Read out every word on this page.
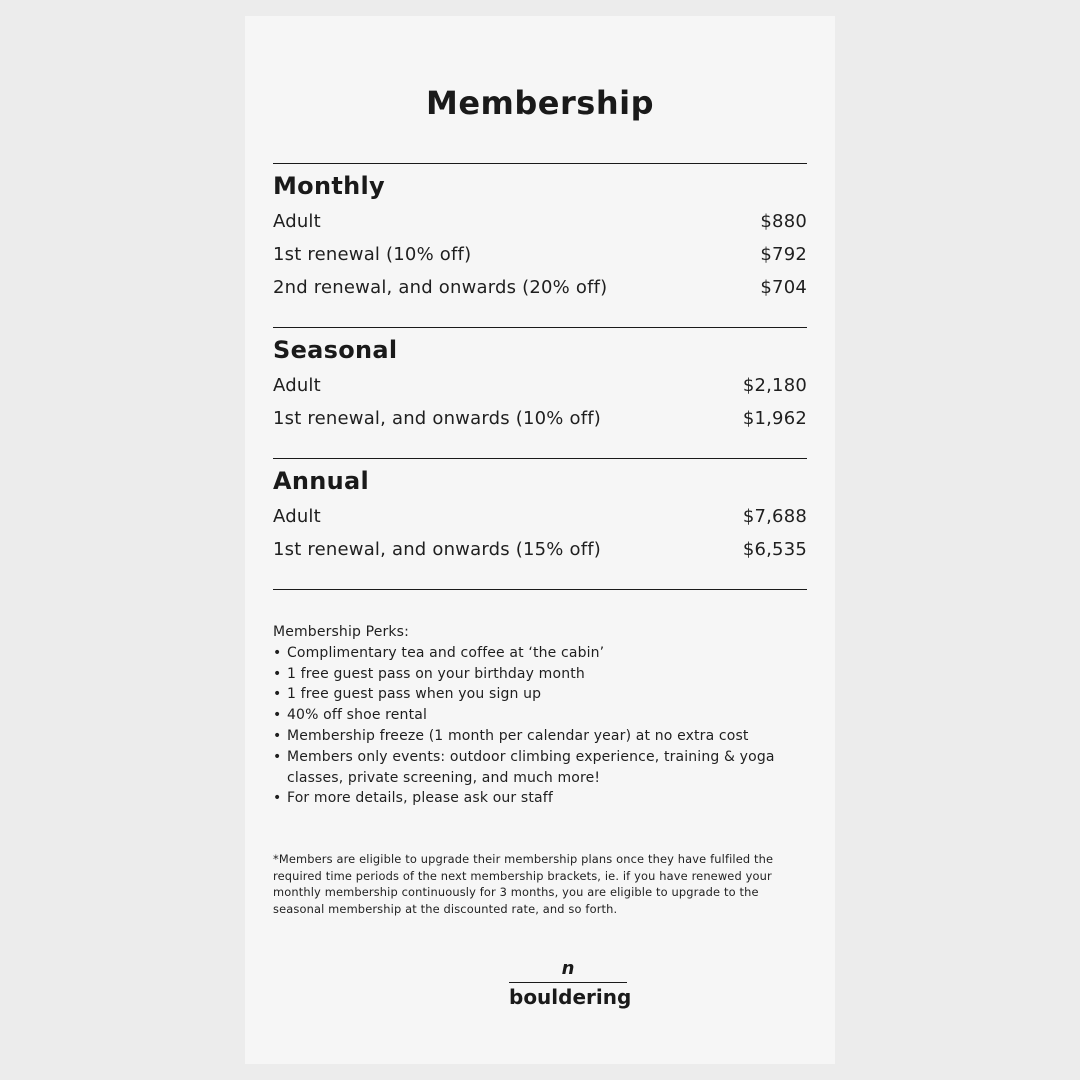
Membership
Monthly
Adult	$880
1st renewal (10% off)	$792
2nd renewal, and onwards (20% off)	$704
Seasonal
Adult	$2,180
1st renewal, and onwards (10% off)	$1,962
Annual
Adult	$7,688
1st renewal, and onwards (15% off)	$6,535
Membership Perks:
• Complimentary tea and coffee at ‘the cabin’
• 1 free guest pass on your birthday month
• 1 free guest pass when you sign up
• 40% off shoe rental
• Membership freeze (1 month per calendar year) at no extra cost
• Members only events: outdoor climbing experience, training & yoga classes, private screening, and much more!
• For more details, please ask our staff
*Members are eligible to upgrade their membership plans once they have fulfiled the required time periods of the next membership brackets, ie. if you have renewed your monthly membership continuously for 3 months, you are eligible to upgrade to the seasonal membership at the discounted rate, and so forth.
n
bouldering
